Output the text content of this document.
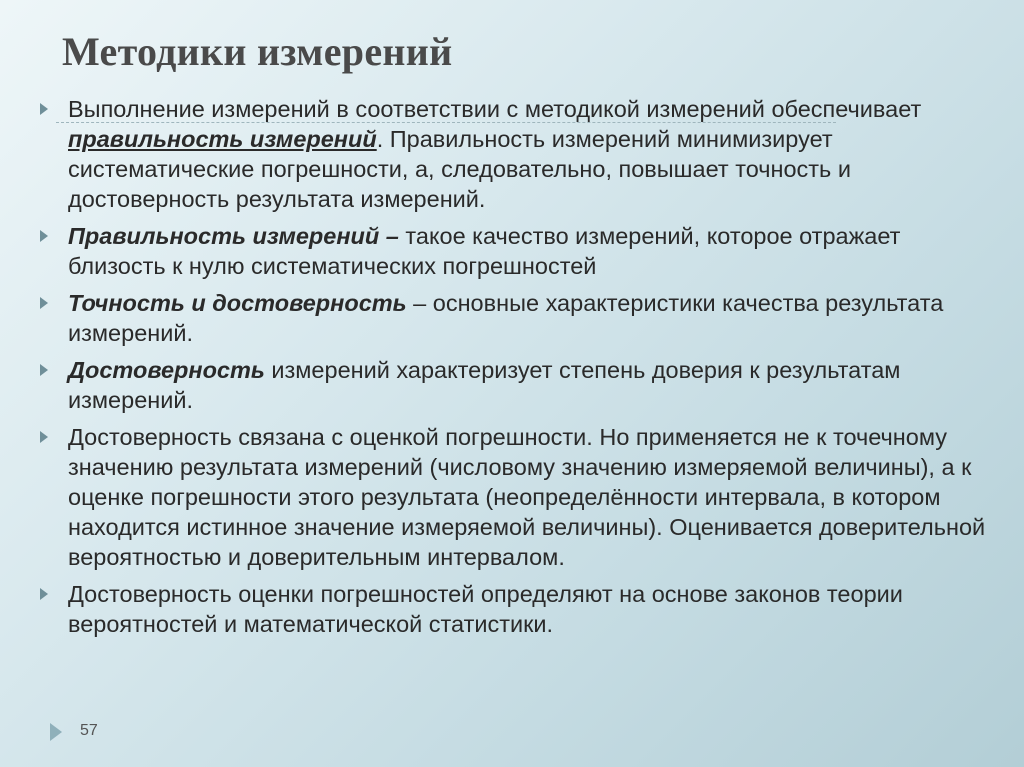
Методики измерений
Выполнение измерений в соответствии с методикой измерений обеспечивает правильность измерений. Правильность измерений минимизирует систематические погрешности, а, следовательно, повышает точность и достоверность результата измерений.
Правильность измерений – такое качество измерений, которое отражает близость к нулю систематических погрешностей
Точность и достоверность – основные характеристики качества результата измерений.
Достоверность измерений характеризует степень доверия к результатам измерений.
Достоверность связана с оценкой погрешности. Но применяется не к точечному значению результата измерений (числовому значению измеряемой величины), а к оценке погрешности этого результата (неопределённости интервала, в котором находится истинное значение измеряемой величины). Оценивается доверительной вероятностью и доверительным интервалом.
Достоверность оценки погрешностей определяют на основе законов теории вероятностей и математической статистики.
57
